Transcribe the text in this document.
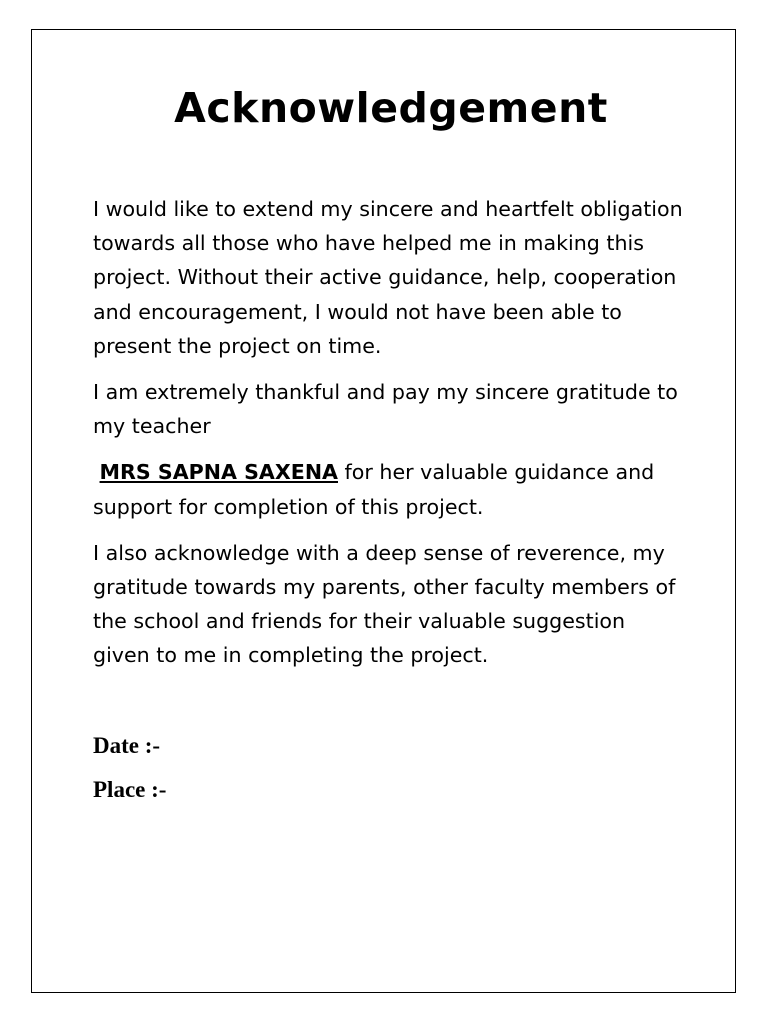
Acknowledgement

I would like to extend my sincere and heartfelt obligation towards all those who have helped me in making this project. Without their active guidance, help, cooperation and encouragement, I would not have been able to present the project on time.

I am extremely thankful and pay my sincere gratitude to my teacher

MRS SAPNA SAXENA for her valuable guidance and support for completion of this project.

I also acknowledge with a deep sense of reverence, my gratitude towards my parents, other faculty members of the school and friends for their valuable suggestion given to me in completing the project.

Date :-
Place :-
